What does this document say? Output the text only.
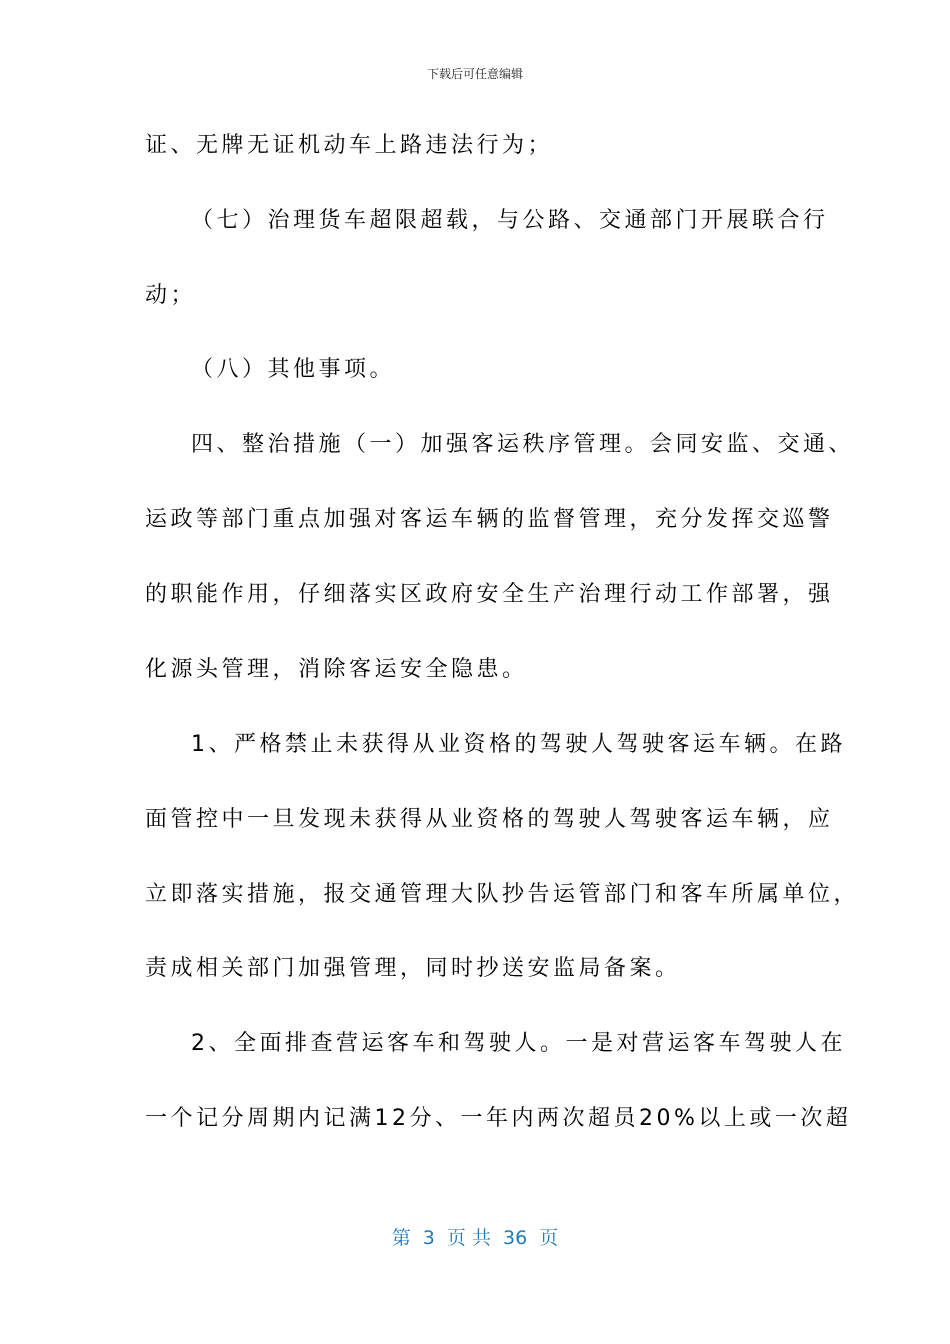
下载后可任意编辑
证、无牌无证机动车上路违法行为；
（七）治理货车超限超载，与公路、交通部门开展联合行
动；
（八）其他事项。
四、整治措施（一）加强客运秩序管理。会同安监、交通、
运政等部门重点加强对客运车辆的监督管理，充分发挥交巡警
的职能作用，仔细落实区政府安全生产治理行动工作部署，强
化源头管理，消除客运安全隐患。
1、严格禁止未获得从业资格的驾驶人驾驶客运车辆。在路
面管控中一旦发现未获得从业资格的驾驶人驾驶客运车辆，应
立即落实措施，报交通管理大队抄告运管部门和客车所属单位，
责成相关部门加强管理，同时抄送安监局备案。
2、全面排查营运客车和驾驶人。一是对营运客车驾驶人在
一个记分周期内记满12分、一年内两次超员20%以上或一次超
第  3  页 共  36  页
